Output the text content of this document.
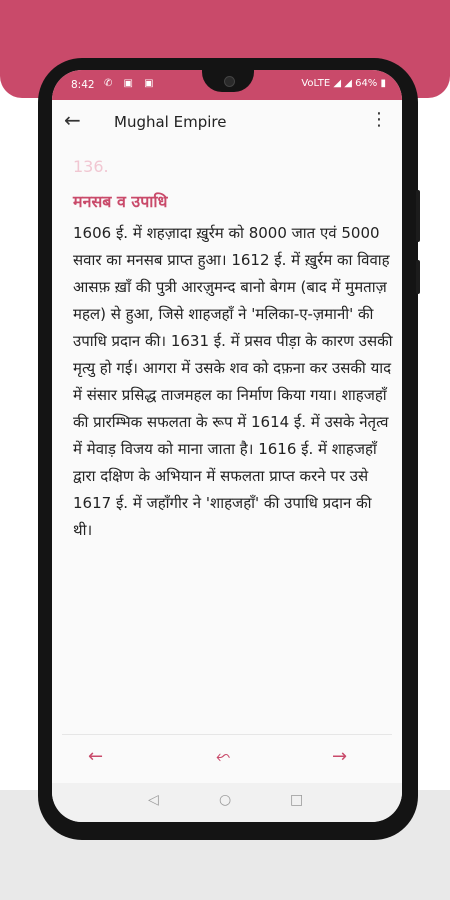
8:42 ✆ ▣ ▣	VoLTE ◢ ◢ 64% ▮
← Mughal Empire	⋮
136.
मनसब व उपाधि
1606 ई. में शहज़ादा ख़ुर्रम को 8000 जात एवं 5000 सवार का मनसब प्राप्त हुआ। 1612 ई. में ख़ुर्रम का विवाह आसफ़ ख़ाँ की पुत्री आरज़ुमन्द बानो बेगम (बाद में मुमताज़ महल) से हुआ, जिसे शाहजहाँ ने 'मलिका-ए-ज़मानी' की उपाधि प्रदान की। 1631 ई. में प्रसव पीड़ा के कारण उसकी मृत्यु हो गई। आगरा में उसके शव को दफ़ना कर उसकी याद में संसार प्रसिद्ध ताजमहल का निर्माण किया गया। शाहजहाँ की प्रारम्भिक सफलता के रूप में 1614 ई. में उसके नेतृत्व में मेवाड़ विजय को माना जाता है। 1616 ई. में शाहजहाँ द्वारा दक्षिण के अभियान में सफलता प्राप्त करने पर उसे 1617 ई. में जहाँगीर ने 'शाहजहाँ' की उपाधि प्रदान की थी।
←	⬿	→
◁	○	□
